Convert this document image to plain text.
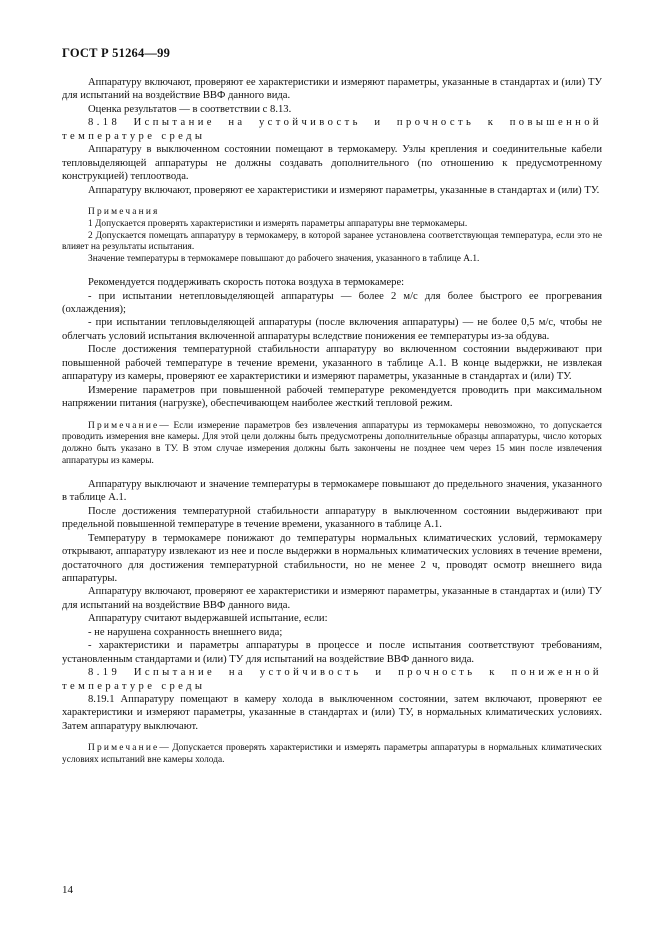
ГОСТ Р 51264—99

Аппаратуру включают, проверяют ее характеристики и измеряют параметры, указанные в стандартах и (или) ТУ для испытаний на воздействие ВВФ данного вида.

Оценка результатов — в соответствии с 8.13.

8.18 Испытание на устойчивость и прочность к повышенной температуре среды

Аппаратуру в выключенном состоянии помещают в термокамеру. Узлы крепления и соединительные кабели тепловыделяющей аппаратуры не должны создавать дополнительного (по отношению к предусмотренному конструкцией) теплоотвода.

Аппаратуру включают, проверяют ее характеристики и измеряют параметры, указанные в стандартах и (или) ТУ.

Примечания

1 Допускается проверять характеристики и измерять параметры аппаратуры вне термокамеры.

2 Допускается помещать аппаратуру в термокамеру, в которой заранее установлена соответствующая температура, если это не влияет на результаты испытания.

Значение температуры в термокамере повышают до рабочего значения, указанного в таблице А.1.

Рекомендуется поддерживать скорость потока воздуха в термокамере:

- при испытании нетепловыделяющей аппаратуры — более 2 м/с для более быстрого ее прогревания (охлаждения);

- при испытании тепловыделяющей аппаратуры (после включения аппаратуры) — не более 0,5 м/с, чтобы не облегчать условий испытания включенной аппаратуры вследствие понижения ее температуры из-за обдува.

После достижения температурной стабильности аппаратуру во включенном состоянии выдерживают при повышенной рабочей температуре в течение времени, указанного в таблице А.1. В конце выдержки, не извлекая аппаратуру из камеры, проверяют ее характеристики и измеряют параметры, указанные в стандартах и (или) ТУ.

Измерение параметров при повышенной рабочей температуре рекомендуется проводить при максимальном напряжении питания (нагрузке), обеспечивающем наиболее жесткий тепловой режим.

Примечание— Если измерение параметров без извлечения аппаратуры из термокамеры невозможно, то допускается проводить измерения вне камеры. Для этой цели должны быть предусмотрены дополнительные образцы аппаратуры, число которых должно быть указано в ТУ. В этом случае измерения должны быть закончены не позднее чем через 15 мин после извлечения аппаратуры из камеры.

Аппаратуру выключают и значение температуры в термокамере повышают до предельного значения, указанного в таблице А.1.

После достижения температурной стабильности аппаратуру в выключенном состоянии выдерживают при предельной повышенной температуре в течение времени, указанного в таблице А.1.

Температуру в термокамере понижают до температуры нормальных климатических условий, термокамеру открывают, аппаратуру извлекают из нее и после выдержки в нормальных климатических условиях в течение времени, достаточного для достижения температурной стабильности, но не менее 2 ч, проводят осмотр внешнего вида аппаратуры.

Аппаратуру включают, проверяют ее характеристики и измеряют параметры, указанные в стандартах и (или) ТУ для испытаний на воздействие ВВФ данного вида.

Аппаратуру считают выдержавшей испытание, если:

- не нарушена сохранность внешнего вида;

- характеристики и параметры аппаратуры в процессе и после испытания соответствуют требованиям, установленным стандартами и (или) ТУ для испытаний на воздействие ВВФ данного вида.

8.19 Испытание на устойчивость и прочность к пониженной температуре среды

8.19.1 Аппаратуру помещают в камеру холода в выключенном состоянии, затем включают, проверяют ее характеристики и измеряют параметры, указанные в стандартах и (или) ТУ, в нормальных климатических условиях. Затем аппаратуру выключают.

Примечание— Допускается проверять характеристики и измерять параметры аппаратуры в нормальных климатических условиях испытаний вне камеры холода.

14
